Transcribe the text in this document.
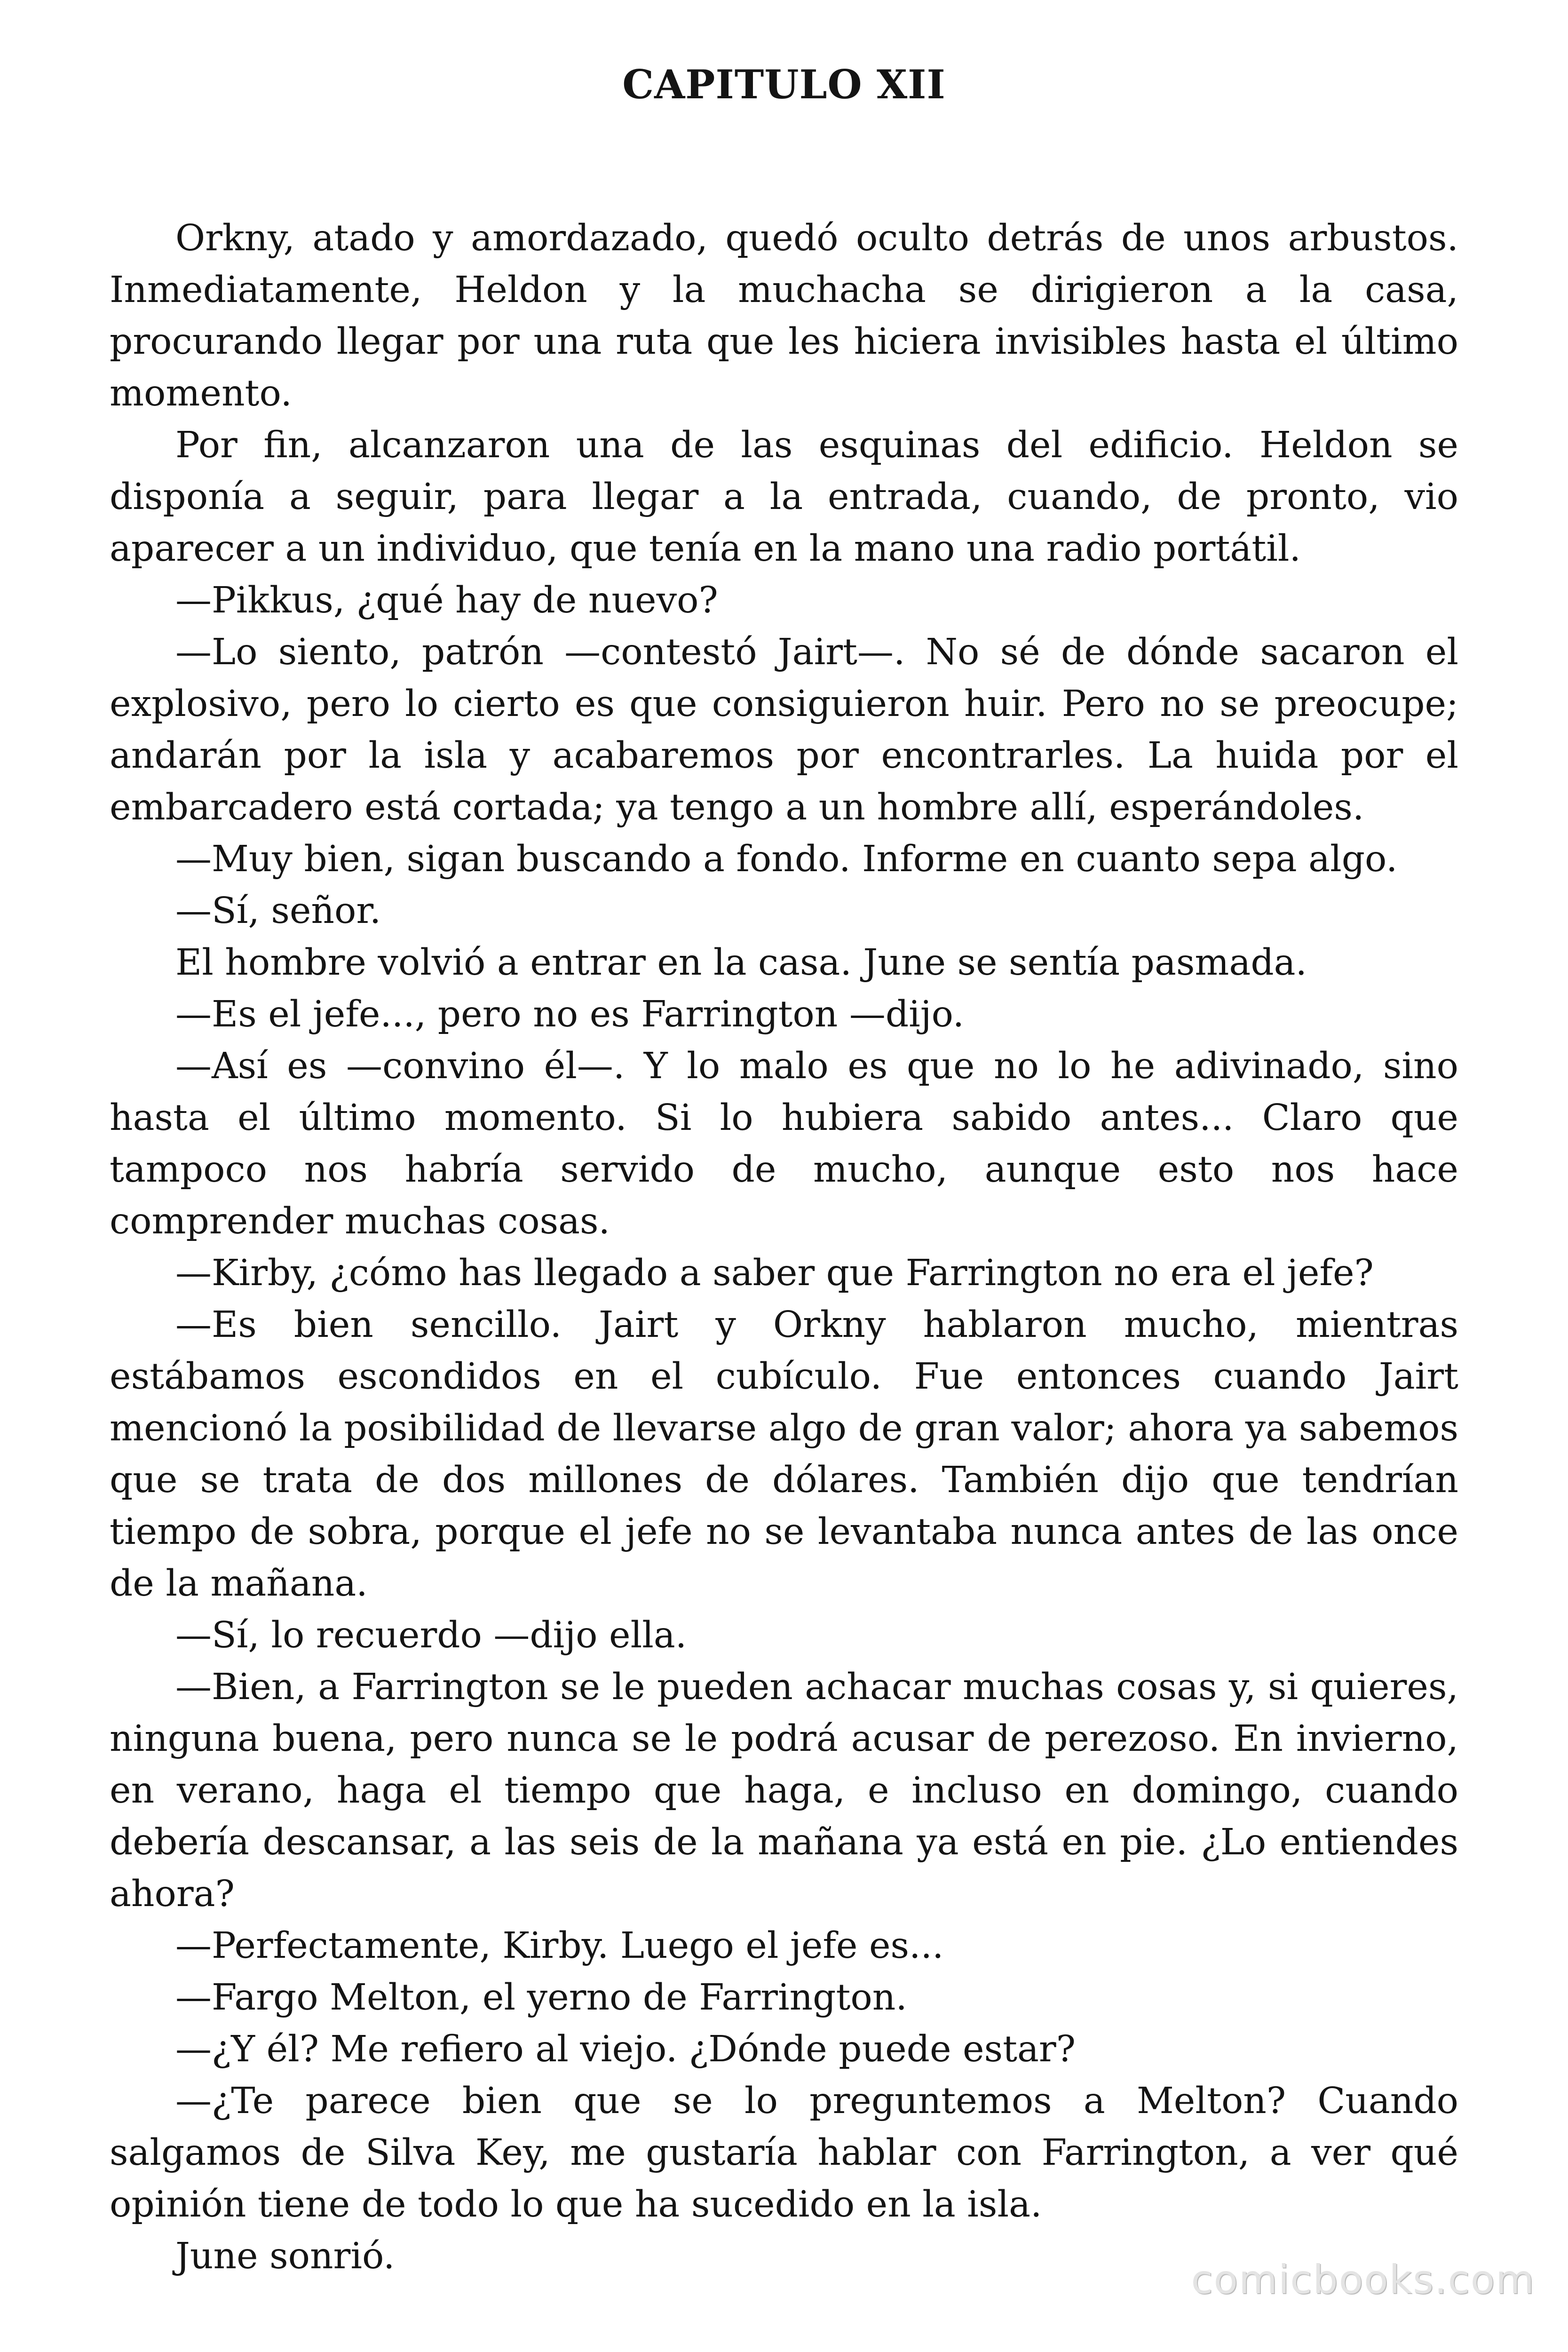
CAPITULO XII

Orkny, atado y amordazado, quedó oculto detrás de unos arbustos. Inmediatamente, Heldon y la muchacha se dirigieron a la casa, procurando llegar por una ruta que les hiciera invisibles hasta el último momento.

Por fin, alcanzaron una de las esquinas del edificio. Heldon se disponía a seguir, para llegar a la entrada, cuando, de pronto, vio aparecer a un individuo, que tenía en la mano una radio portátil.

—Pikkus, ¿qué hay de nuevo?

—Lo siento, patrón —contestó Jairt—. No sé de dónde sacaron el explosivo, pero lo cierto es que consiguieron huir. Pero no se preocupe; andarán por la isla y acabaremos por encontrarles. La huida por el embarcadero está cortada; ya tengo a un hombre allí, esperándoles.

—Muy bien, sigan buscando a fondo. Informe en cuanto sepa algo.

—Sí, señor.

El hombre volvió a entrar en la casa. June se sentía pasmada.

—Es el jefe..., pero no es Farrington —dijo.

—Así es —convino él—. Y lo malo es que no lo he adivinado, sino hasta el último momento. Si lo hubiera sabido antes... Claro que tampoco nos habría servido de mucho, aunque esto nos hace comprender muchas cosas.

—Kirby, ¿cómo has llegado a saber que Farrington no era el jefe?

—Es bien sencillo. Jairt y Orkny hablaron mucho, mientras estábamos escondidos en el cubículo. Fue entonces cuando Jairt mencionó la posibilidad de llevarse algo de gran valor; ahora ya sabemos que se trata de dos millones de dólares. También dijo que tendrían tiempo de sobra, porque el jefe no se levantaba nunca antes de las once de la mañana.

—Sí, lo recuerdo —dijo ella.

—Bien, a Farrington se le pueden achacar muchas cosas y, si quieres, ninguna buena, pero nunca se le podrá acusar de perezoso. En invierno, en verano, haga el tiempo que haga, e incluso en domingo, cuando debería descansar, a las seis de la mañana ya está en pie. ¿Lo entiendes ahora?

—Perfectamente, Kirby. Luego el jefe es...

—Fargo Melton, el yerno de Farrington.

—¿Y él? Me refiero al viejo. ¿Dónde puede estar?

—¿Te parece bien que se lo preguntemos a Melton? Cuando salgamos de Silva Key, me gustaría hablar con Farrington, a ver qué opinión tiene de todo lo que ha sucedido en la isla.

June sonrió.

comicbooks.com
